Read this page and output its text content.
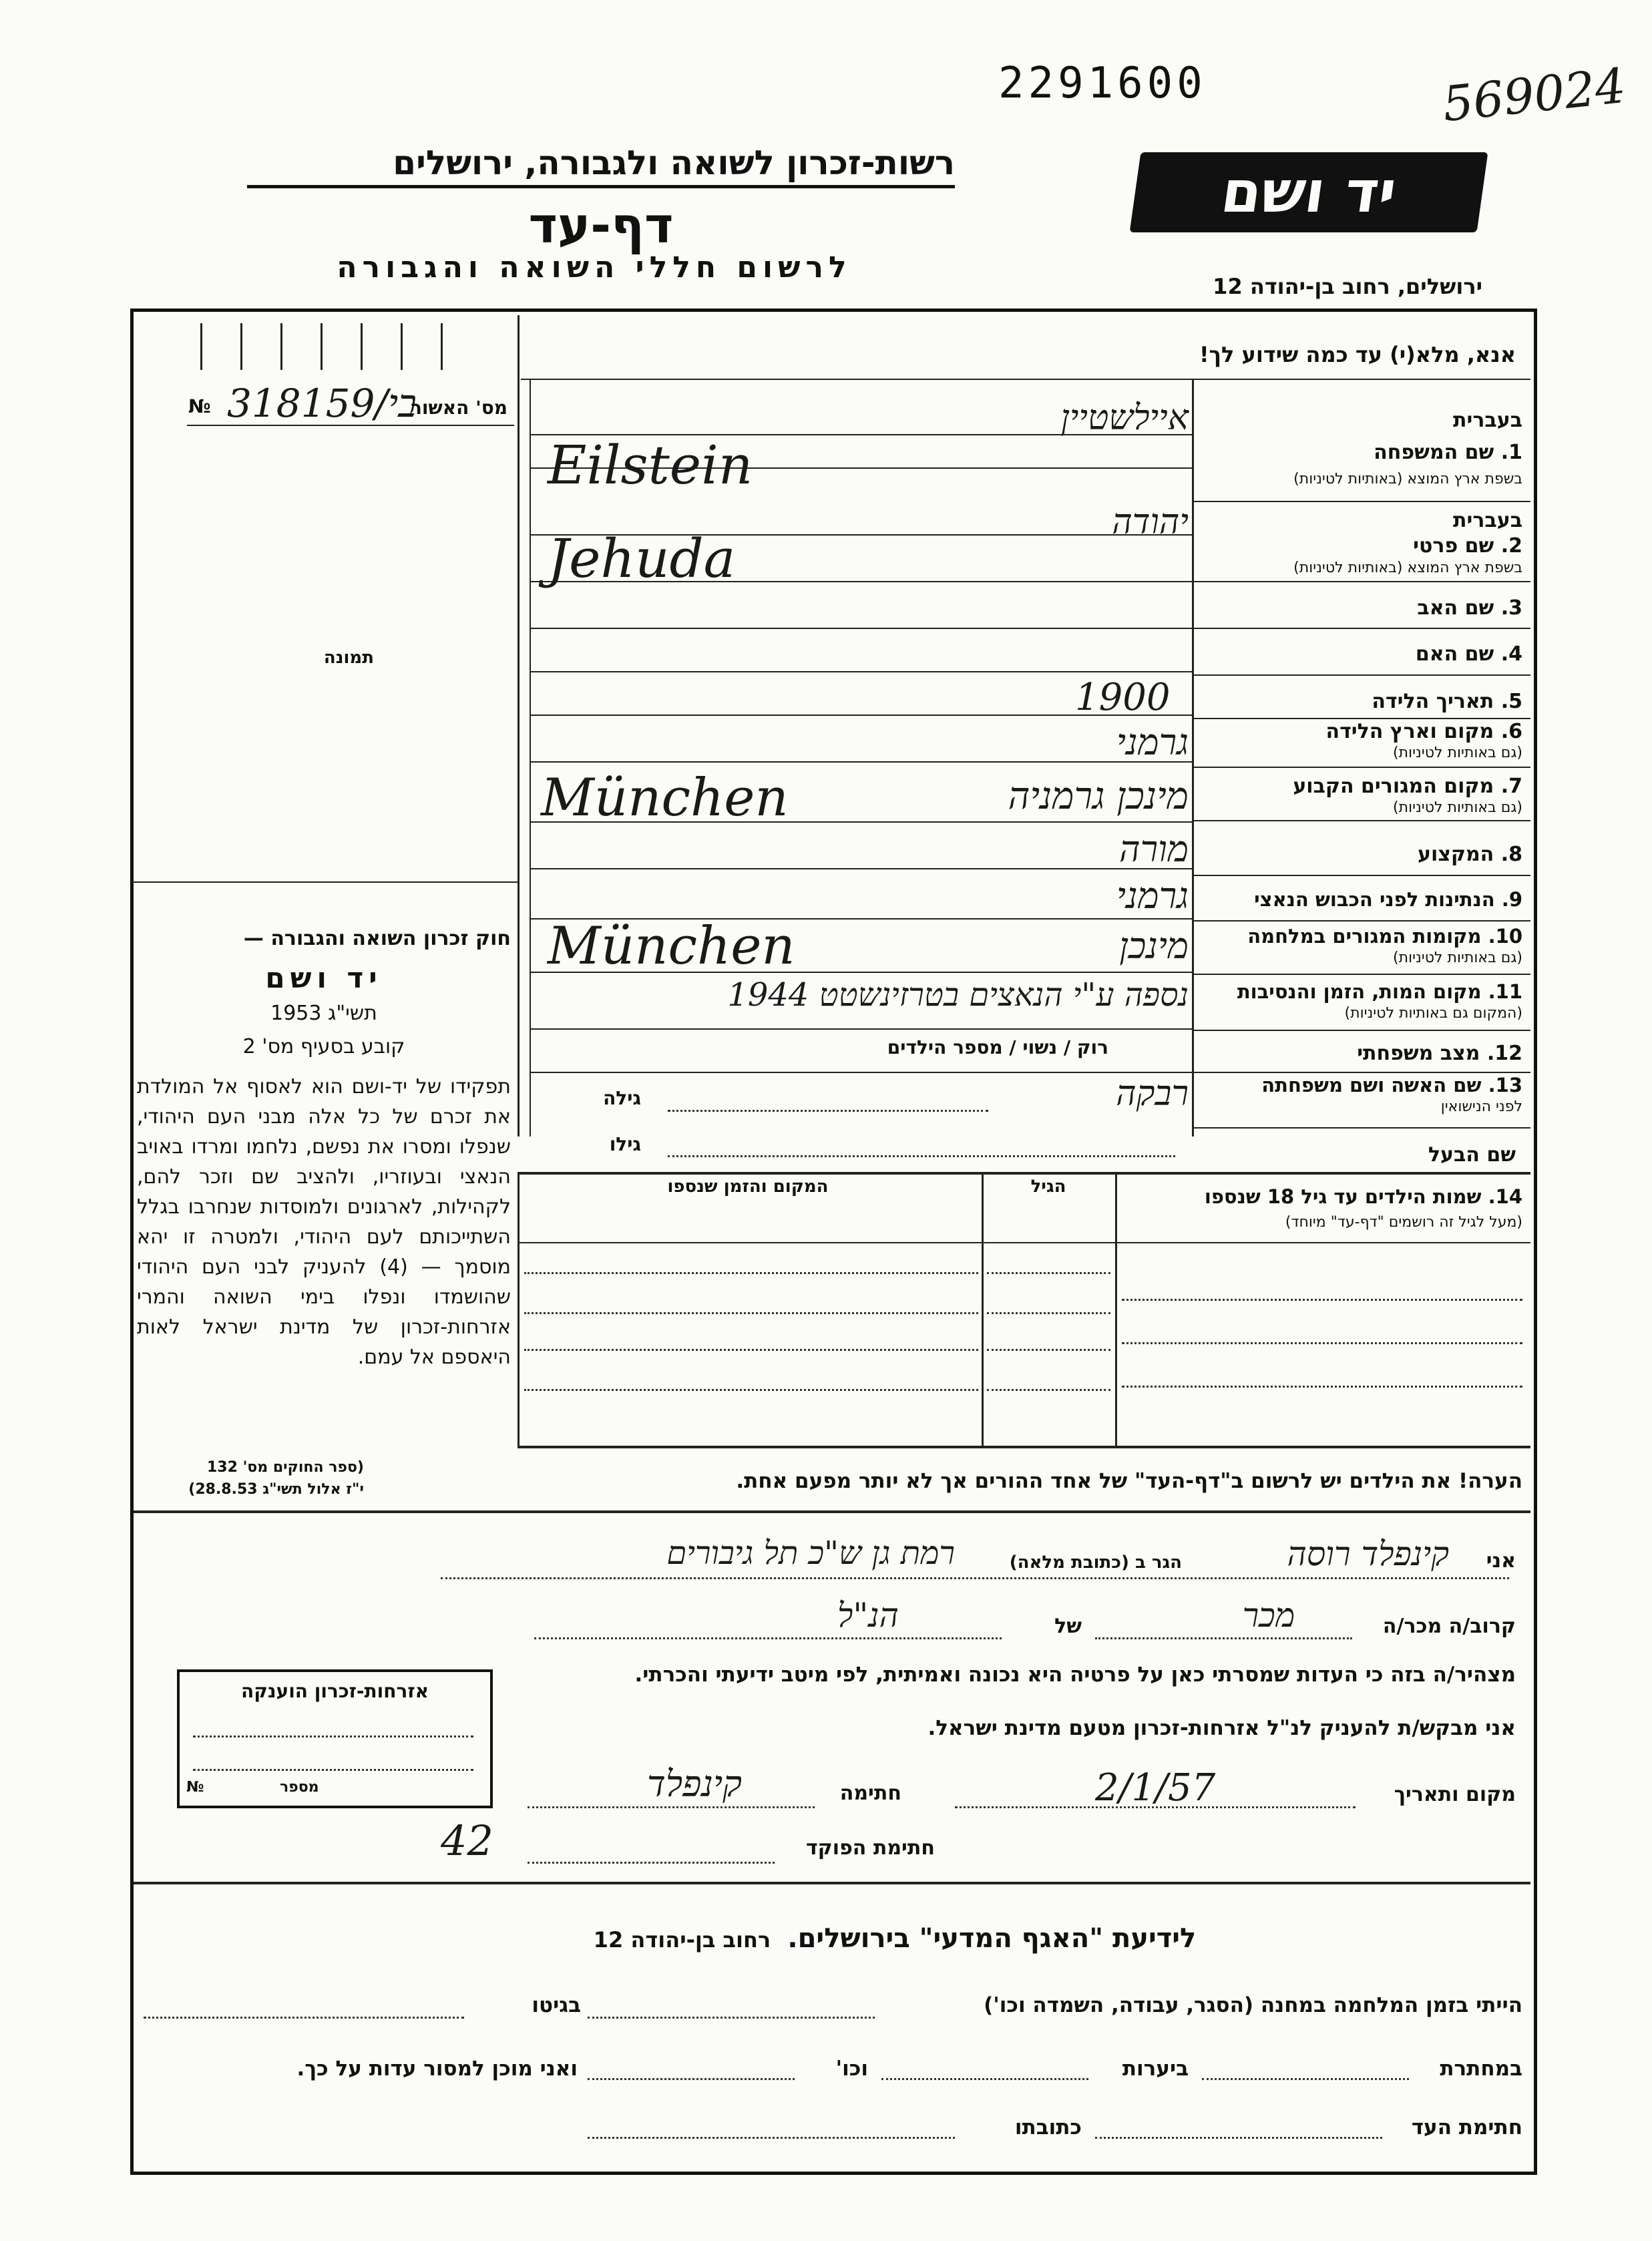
2291600	569024
רשות-זכרון לשואה ולגבורה, ירושלים
דף-עד
לרשום חללי השואה והגבורה
יד ושם
ירושלים, רחוב בן-יהודה 12
אנא, מלא(י) עד כמה שידוע לך!
№ 318159/בי
מס' האשור
תמונה
חוק זכרון השואה והגבורה —
יד ושם
תשי"ג 1953
קובע בסעיף מס' 2
תפקידו של יד-ושם הוא לאסוף אל המולדת את זכרם של כל אלה מבני העם היהודי, שנפלו ומסרו את נפשם, נלחמו ומרדו באויב הנאצי ובעוזריו, ולהציב שם וזכר להם, לקהילות, לארגונים ולמוסדות שנחרבו בגלל השתייכותם לעם היהודי, ולמטרה זו יהא מוסמך — (4) להעניק לבני העם היהודי שהושמדו ונפלו בימי השואה והמרי אזרחות-זכרון של מדינת ישראל לאות היאספם אל עמם.
(ספר החוקים מס' 132
י"ז אלול תשי"ג 28.8.53)
בעברית
1. שם המשפחה
בשפת ארץ המוצא (באותיות לטיניות)
איילשטיין
Eilstein
בעברית
2. שם פרטי
בשפת ארץ המוצא (באותיות לטיניות)
יהודה
Jehuda
3. שם האב
4. שם האם
5. תאריך הלידה
1900
6. מקום וארץ הלידה
(גם באותיות לטיניות)
גרמני
7. מקום המגורים הקבוע
(גם באותיות לטיניות)
מינכן גרמניה
München
8. המקצוע
מורה
9. הנתינות לפני הכבוש הנאצי
גרמני
10. מקומות המגורים במלחמה
(גם באותיות לטיניות)
מינכן
München
11. מקום המות, הזמן והנסיבות
(המקום גם באותיות לטיניות)
נספה ע"י הנאצים בטרזינשטט 1944
12. מצב משפחתי
רוק / נשוי / מספר הילדים
13. שם האשה ושם משפחתה
לפני הנישואין
רבקה
גילה
גילו	שם הבעל
14. שמות הילדים עד גיל 18 שנספו
(מעל לגיל זה רושמים "דף-עד" מיוחד)
הגיל
המקום והזמן שנספו
הערה! את הילדים יש לרשום ב"דף-העד" של אחד ההורים אך לא יותר מפעם אחת.
אני
קינפלד רוסה
הגר ב (כתובת מלאה)
רמת גן ש"כ תל גיבורים
קרוב/ה מכר/ה
מכר
של
הנ"ל
מצהיר/ה בזה כי העדות שמסרתי כאן על פרטיה היא נכונה ואמיתית, לפי מיטב ידיעתי והכרתי.
אני מבקש/ת להעניק לנ"ל אזרחות-זכרון מטעם מדינת ישראל.
מקום ותאריך
2/1/57
חתימה
קינפלד
חתימת הפוקד
42
אזרחות-זכרון הוענקה
מספר
№
לידיעת "האגף המדעי" בירושלים. רחוב בן-יהודה 12
הייתי בזמן המלחמה במחנה (הסגר, עבודה, השמדה וכו')
בגיטו
במחתרת
ביערות
וכו'
ואני מוכן למסור עדות על כך.
חתימת העד
כתובתו
